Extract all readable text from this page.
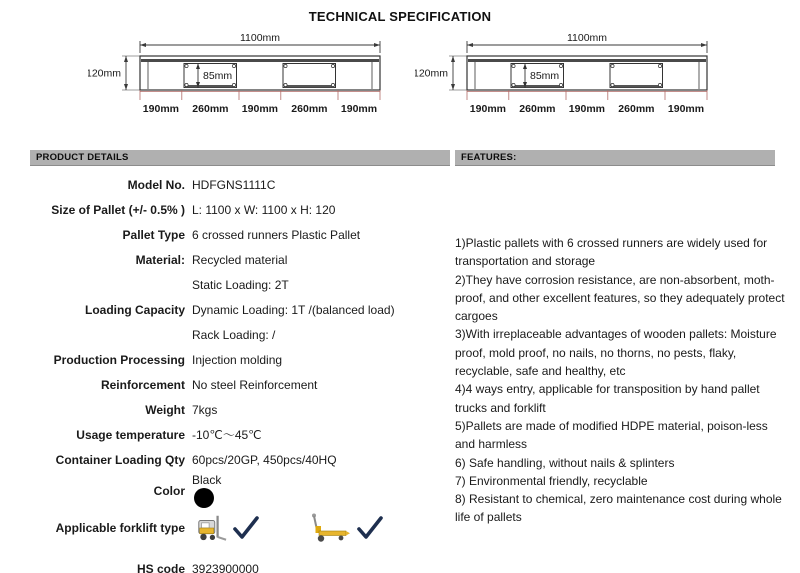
TECHNICAL SPECIFICATION
1100mm
85mm
120mm
190mm 260mm 190mm 260mm 190mm
1100mm
85mm
120mm
190mm 260mm 190mm 260mm 190mm
PRODUCT DETAILS	FEATURES:
Model No. HDFGNS1111C
Size of Pallet (+/- 0.5% ) L: 1100 x W: 1100 x H: 120
Pallet Type 6 crossed runners Plastic Pallet
Material: Recycled material
Static Loading: 2T
Loading Capacity Dynamic Loading: 1T /(balanced load)
Rack Loading: /
Production Processing Injection molding
Reinforcement No steel Reinforcement
Weight 7kgs
Usage temperature -10℃～45℃
Container Loading Qty 60pcs/20GP, 450pcs/40HQ
Color
Black
Applicable forklift type
HS code 3923900000
1)Plastic pallets with 6 crossed runners are widely used for transportation and storage
2)They have corrosion resistance, are non-absorbent, moth-proof, and other excellent features, so they adequately protect cargoes
3)With irreplaceable advantages of wooden pallets: Moisture proof, mold proof, no nails, no thorns, no pests, flaky, recyclable, safe and healthy, etc
4)4 ways entry, applicable for transposition by hand pallet trucks and forklift
5)Pallets are made of modified HDPE material, poison-less and harmless
6) Safe handling, without nails & splinters
7) Environmental friendly, recyclable
8) Resistant to chemical, zero maintenance cost during whole life of pallets
